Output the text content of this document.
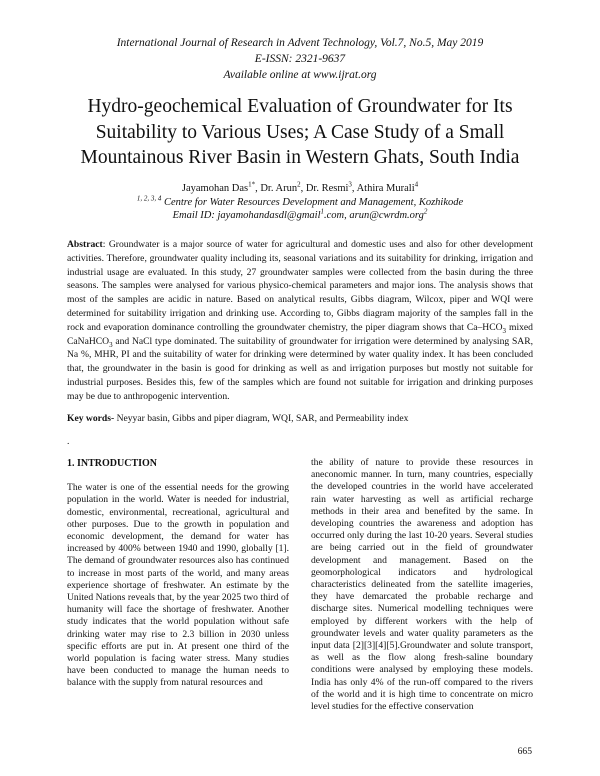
International Journal of Research in Advent Technology, Vol.7, No.5, May 2019
E-ISSN: 2321-9637
Available online at www.ijrat.org
Hydro-geochemical Evaluation of Groundwater for Its Suitability to Various Uses; A Case Study of a Small Mountainous River Basin in Western Ghats, South India
Jayamohan Das$^{1*}$, Dr. Arun$^2$, Dr. Resmi$^3$, Athira Murali$^4$
$^{1, 2, 3, 4}$ Centre for Water Resources Development and Management, Kozhikode
Email ID: jayamohandasdl@gmail$^1$.com, arun@cwrdm.org$^2$
Abstract: Groundwater is a major source of water for agricultural and domestic uses and also for other development activities. Therefore, groundwater quality including its, seasonal variations and its suitability for drinking, irrigation and industrial usage are evaluated. In this study, 27 groundwater samples were collected from the basin during the three seasons. The samples were analysed for various physico-chemical parameters and major ions. The analysis shows that most of the samples are acidic in nature. Based on analytical results, Gibbs diagram, Wilcox, piper and WQI were determined for suitability irrigation and drinking use. According to, Gibbs diagram majority of the samples fall in the rock and evaporation dominance controlling the groundwater chemistry, the piper diagram shows that $Ca-HCO_3$ mixed CaNaHCO$_3$ and NaCl type dominated. The suitability of groundwater for irrigation were determined by analysing SAR, Na %, MHR, PI and the suitability of water for drinking were determined by water quality index. It has been concluded that, the groundwater in the basin is good for drinking as well as and irrigation purposes but mostly not suitable for industrial purposes. Besides this, few of the samples which are found not suitable for irrigation and drinking purposes may be due to anthropogenic intervention.
Key words- Neyyar basin, Gibbs and piper diagram, WQI, SAR, and Permeability index
.
1. INTRODUCTION

The water is one of the essential needs for the growing population in the world. Water is needed for industrial, domestic, environmental, recreational, agricultural and other purposes. Due to the growth in population and economic development, the demand for water has increased by 400% between 1940 and 1990, globally [1]. The demand of groundwater resources also has continued to increase in most parts of the world, and many areas experience shortage of freshwater. An estimate by the United Nations reveals that, by the year 2025 two third of humanity will face the shortage of freshwater. Another study indicates that the world population without safe drinking water may rise to 2.3 billion in 2030 unless specific efforts are put in. At present one third of the world population is facing water stress. Many studies have been conducted to manage the human needs to balance with the supply from natural resources and

the ability of nature to provide these resources in aneconomic manner. In turn, many countries, especially the developed countries in the world have accelerated rain water harvesting as well as artificial recharge methods in their area and benefited by the same. In developing countries the awareness and adoption has occurred only during the last 10-20 years. Several studies are being carried out in the field of groundwater development and management. Based on the geomorphological indicators and hydrological characteristics delineated from the satellite imageries, they have demarcated the probable recharge and discharge sites. Numerical modelling techniques were employed by different workers with the help of groundwater levels and water quality parameters as the input data [2][3][4][5].Groundwater and solute transport, as well as the flow along fresh-saline boundary conditions were analysed by employing these models. India has only 4% of the run-off compared to the rivers of the world and it is high time to concentrate on micro level studies for the effective conservation

665
